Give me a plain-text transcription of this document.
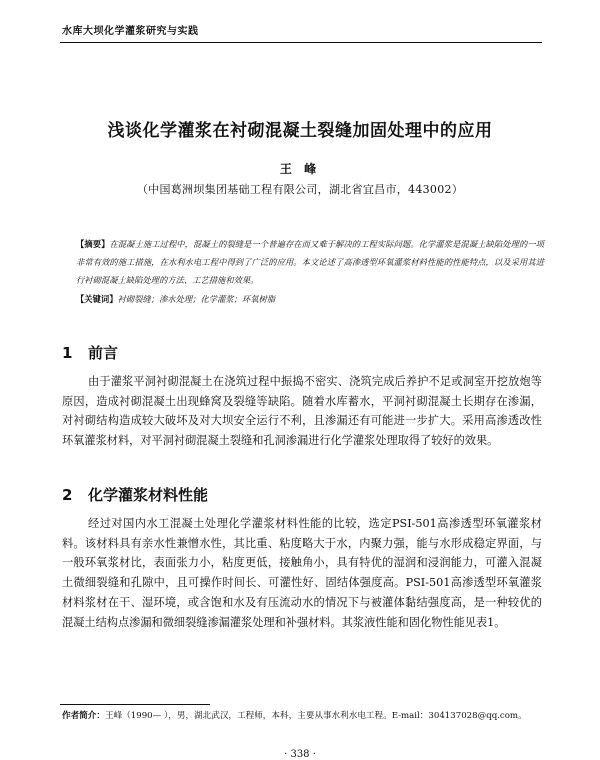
水库大坝化学灌浆研究与实践
浅谈化学灌浆在衬砌混凝土裂缝加固处理中的应用
王 峰
（中国葛洲坝集团基础工程有限公司，湖北省宜昌市，443002）
【摘要】在混凝土施工过程中，混凝土的裂缝是一个普遍存在而又难于解决的工程实际问题。化学灌浆是混凝土缺陷处理的一项非常有效的施工措施，在水利水电工程中得到了广泛的应用。本文论述了高渗透型环氧灌浆材料性能的性能特点，以及采用其进行衬砌混凝土缺陷处理的方法、工艺措施和效果。
【关键词】衬砌裂缝；渗水处理；化学灌浆；环氧树脂
1 前言
由于灌浆平洞衬砌混凝土在浇筑过程中振捣不密实、浇筑完成后养护不足或洞室开挖放炮等原因，造成衬砌混凝土出现蜂窝及裂缝等缺陷。随着水库蓄水，平洞衬砌混凝土长期存在渗漏，对衬砌结构造成较大破坏及对大坝安全运行不利，且渗漏还有可能进一步扩大。采用高渗透改性环氧灌浆材料，对平洞衬砌混凝土裂缝和孔洞渗漏进行化学灌浆处理取得了较好的效果。
2 化学灌浆材料性能
经过对国内水工混凝土处理化学灌浆材料性能的比较，选定PSI-501高渗透型环氧灌浆材料。该材料具有亲水性兼憎水性，其比重、粘度略大于水，内聚力强，能与水形成稳定界面，与一般环氧浆材比，表面张力小，粘度更低，接触角小，具有特优的湿润和浸润能力，可灌入混凝土微细裂缝和孔隙中，且可操作时间长、可灌性好、固结体强度高。PSI-501高渗透型环氧灌浆材料浆材在干、湿环境，或含饱和水及有压流动水的情况下与被灌体黏结强度高，是一种较优的混凝土结构点渗漏和微细裂缝渗漏灌浆处理和补强材料。其浆液性能和固化物性能见表1。
作者简介：王峰（1990— ），男，湖北武汉，工程师，本科，主要从事水利水电工程。E-mail：304137028@qq.com。
· 338 ·
